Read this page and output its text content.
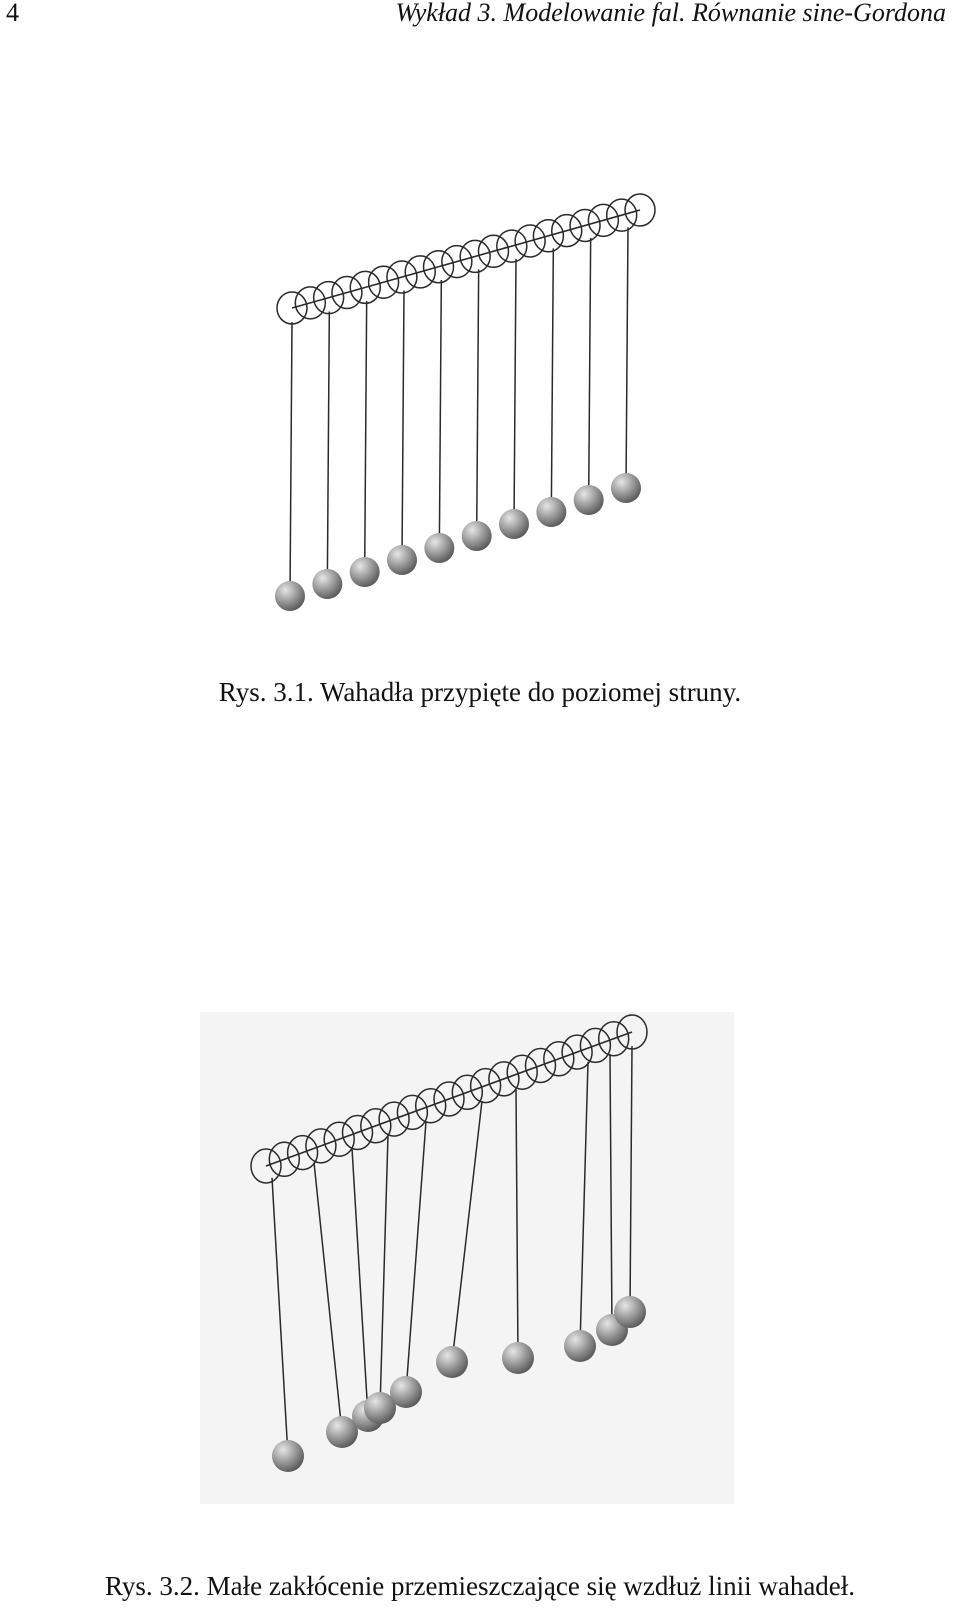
4	Wykład 3. Modelowanie fal. Równanie sine-Gordona
Rys. 3.1. Wahadła przypięte do poziomej struny.
Rys. 3.2. Małe zakłócenie przemieszczające się wzdłuż linii wahadeł.
